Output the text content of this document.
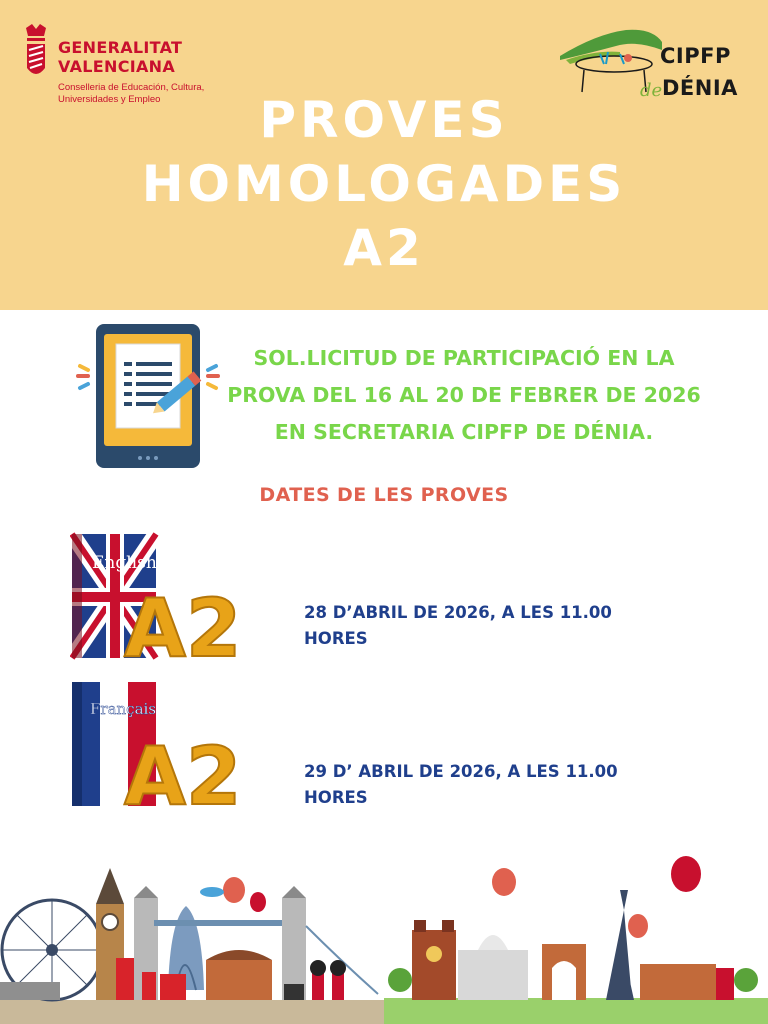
GENERALITAT
VALENCIANA
Conselleria de Educación, Cultura,
Universidades y Empleo
CIPFP
de DÉNIA
PROVES
HOMOLOGADES
A2
SOL.LICITUD DE PARTICIPACIÓ EN LA
PROVA DEL 16 AL 20 DE FEBRER DE 2026
EN SECRETARIA CIPFP DE DÉNIA.
DATES DE LES PROVES
English
A2	28 D’ABRIL DE 2026, A LES 11.00
HORES
Français
A2	29 D’ ABRIL DE 2026, A LES 11.00
HORES
